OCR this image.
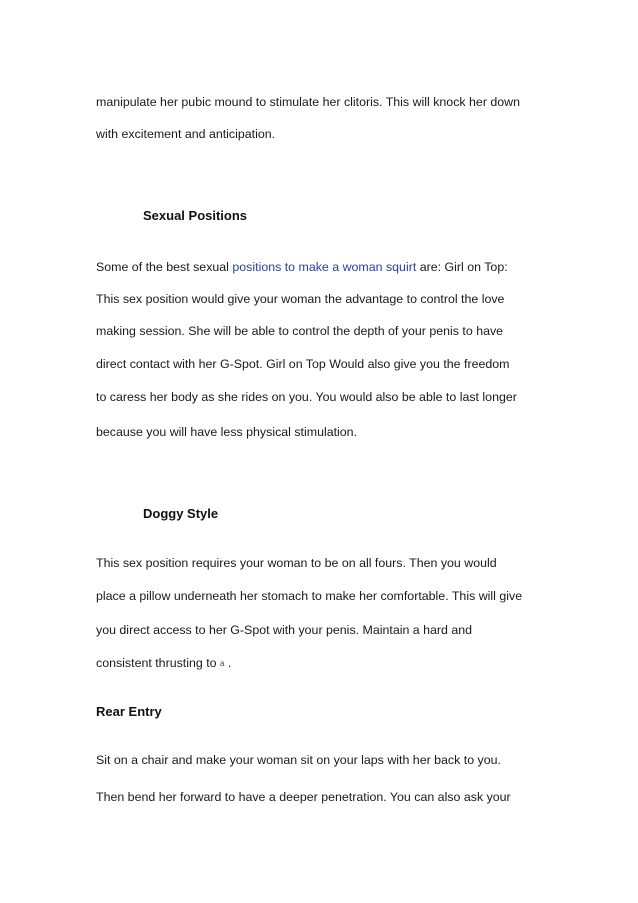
manipulate her pubic mound to stimulate her clitoris. This will knock her down
with excitement and anticipation.
Sexual Positions
Some of the best sexual positions to make a woman squirt are: Girl on Top:
This sex position would give your woman the advantage to control the love
making session. She will be able to control the depth of your penis to have
direct contact with her G-Spot. Girl on Top Would also give you the freedom
to caress her body as she rides on you. You would also be able to last longer
because you will have less physical stimulation.
Doggy Style
This sex position requires your woman to be on all fours. Then you would
place a pillow underneath her stomach to make her comfortable. This will give
you direct access to her G-Spot with your penis. Maintain a hard and
consistent thrusting to a .
Rear Entry
Sit on a chair and make your woman sit on your laps with her back to you.
Then bend her forward to have a deeper penetration. You can also ask your
